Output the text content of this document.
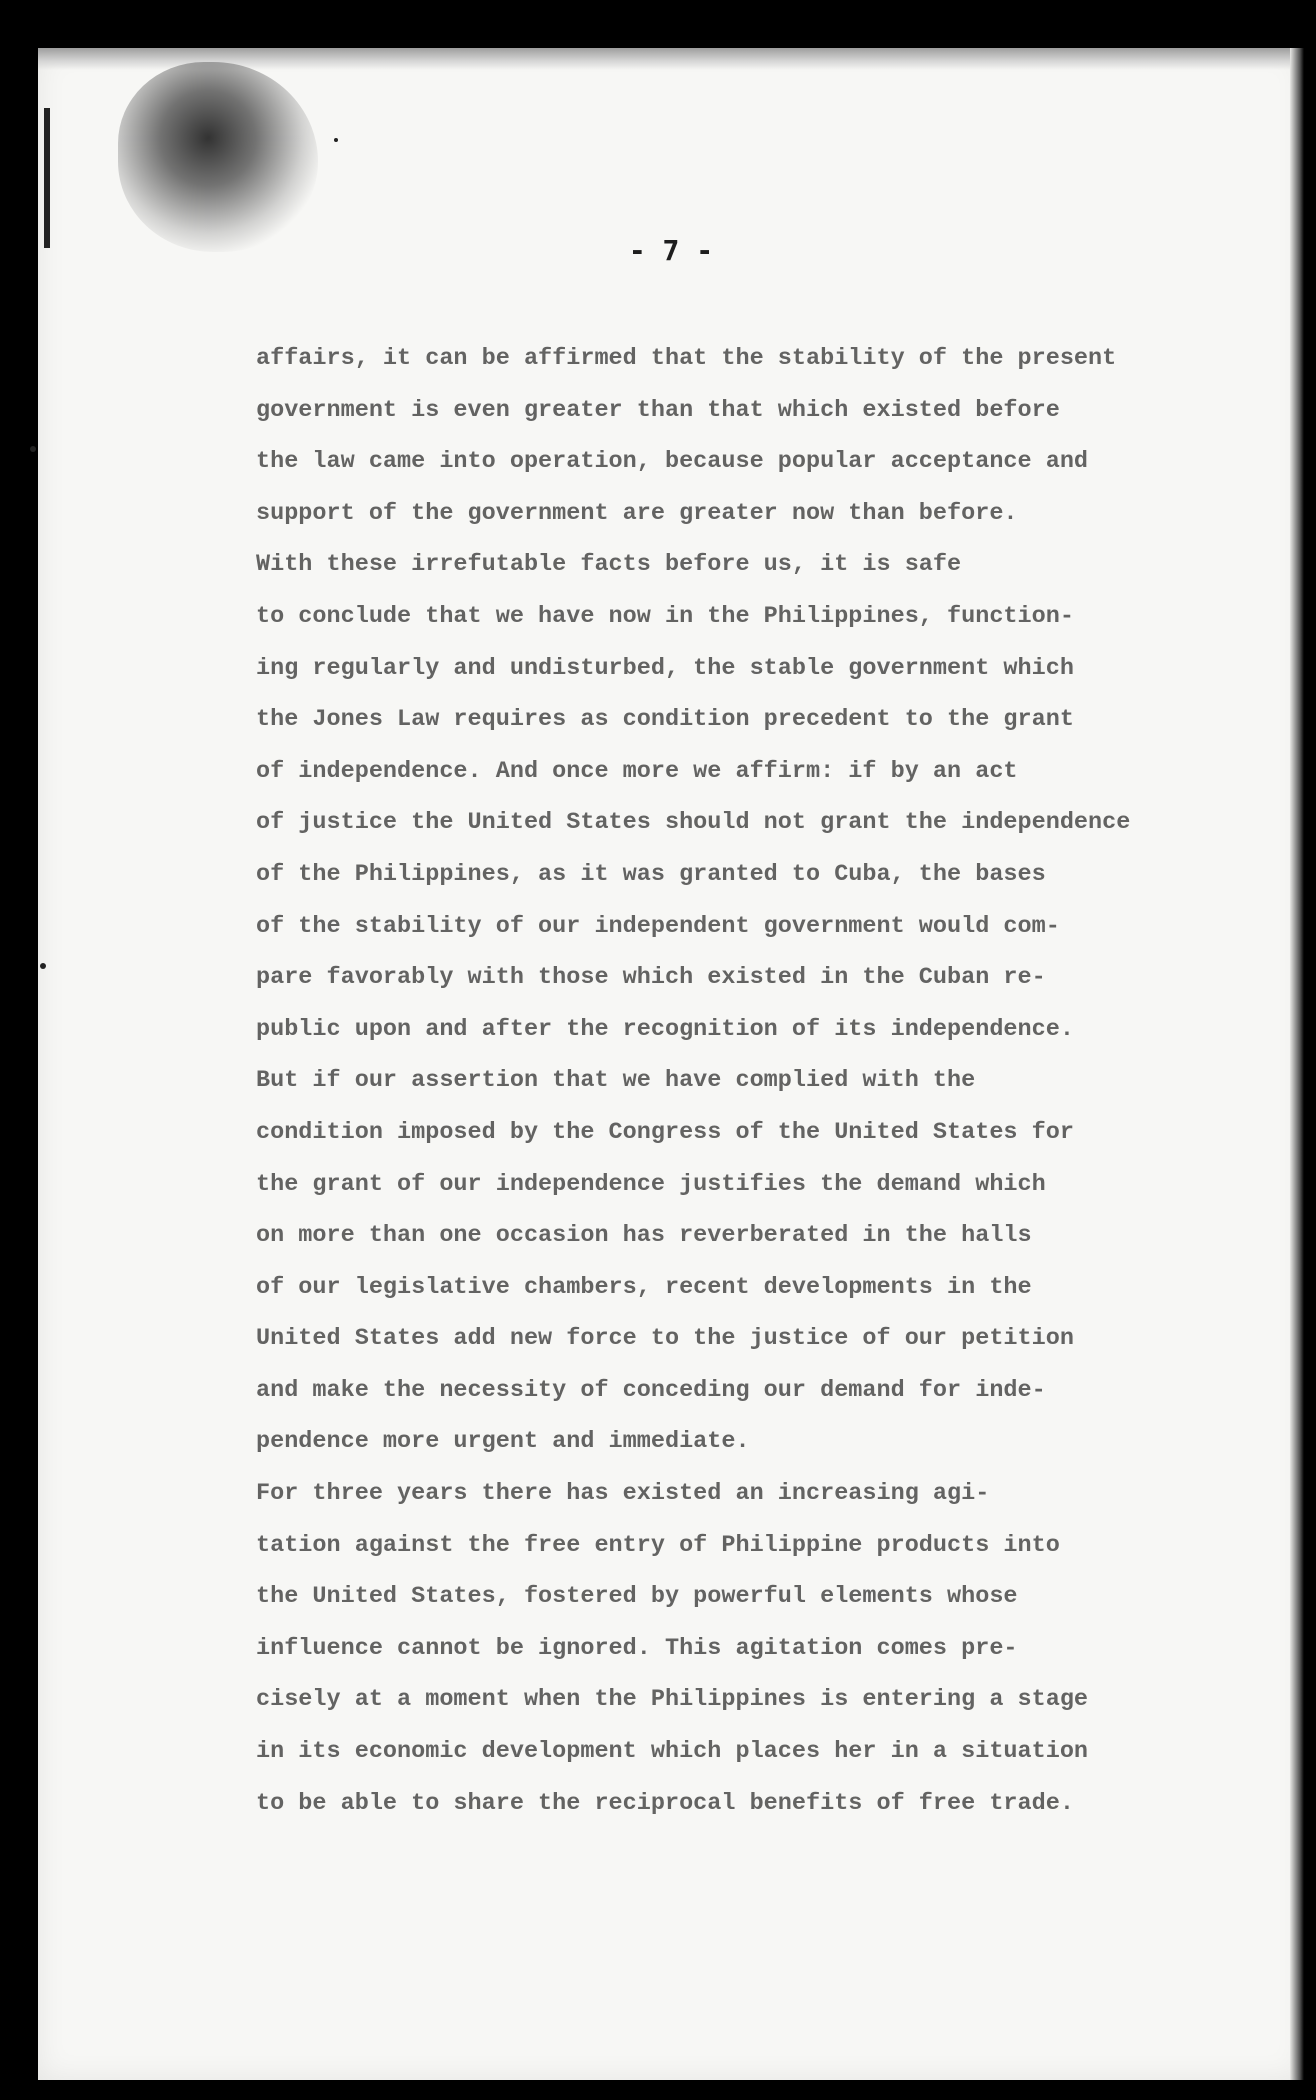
- 7 -
affairs, it can be affirmed that the stability of the present
government is even greater than that which existed before
the law came into operation, because popular acceptance and
support of the government are greater now than before.
With these irrefutable facts before us, it is safe
to conclude that we have now in the Philippines, function-
ing regularly and undisturbed, the stable government which
the Jones Law requires as condition precedent to the grant
of independence. And once more we affirm: if by an act
of justice the United States should not grant the independence
of the Philippines, as it was granted to Cuba, the bases
of the stability of our independent government would com-
pare favorably with those which existed in the Cuban re-
public upon and after the recognition of its independence.
But if our assertion that we have complied with the
condition imposed by the Congress of the United States for
the grant of our independence justifies the demand which
on more than one occasion has reverberated in the halls
of our legislative chambers, recent developments in the
United States add new force to the justice of our petition
and make the necessity of conceding our demand for inde-
pendence more urgent and immediate.
For three years there has existed an increasing agi-
tation against the free entry of Philippine products into
the United States, fostered by powerful elements whose
influence cannot be ignored. This agitation comes pre-
cisely at a moment when the Philippines is entering a stage
in its economic development which places her in a situation
to be able to share the reciprocal benefits of free trade.
